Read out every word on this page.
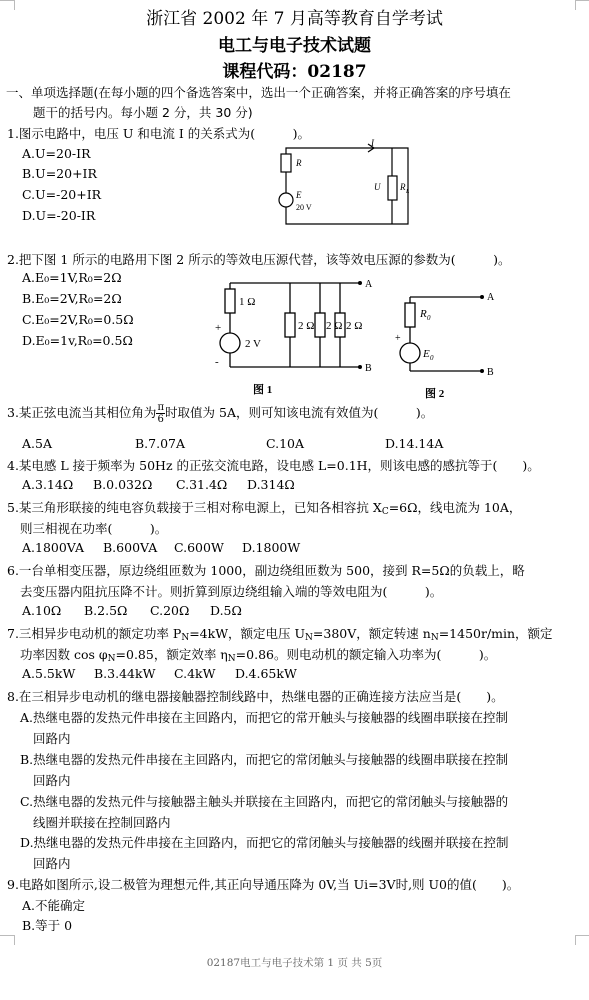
浙江省 2002 年 7 月高等教育自学考试
电工与电子技术试题
课程代码：02187
一、单项选择题(在每小题的四个备选答案中，选出一个正确答案，并将正确答案的序号填在
题干的括号内。每小题 2 分，共 30 分)
1.图示电路中，电压 U 和电流 I 的关系式为(　　　)。
A.U=20-IR
B.U=20+IR
C.U=-20+IR
D.U=-20-IR
I
R
E
20 V
U R L
2.把下图 1 所示的电路用下图 2 所示的等效电压源代替，该等效电压源的参数为(　　　)。
A.E₀=1V,R₀=2Ω
B.E₀=2V,R₀=2Ω
C.E₀=2V,R₀=0.5Ω
D.E₀=1v,R₀=0.5Ω
1 Ω
+
-
2 V
2 Ω 2 Ω 2 Ω
A
B
图 1
R 0
+
E 0
A
B
图 2
3.某正弦电流当其相位角为 $\frac{\pi}{6}$ 时取值为 5A，则可知该电流有效值为(　　　)。
A.5A	B.7.07A	C.10A	D.14.14A
4.某电感 L 接于频率为 50Hz 的正弦交流电路，设电感 L=0.1H，则该电感的感抗等于(　　)。
A.3.14Ω B.0.032Ω C.31.4Ω D.314Ω
5.某三角形联接的纯电容负载接于三相对称电源上，已知各相容抗 $X_C=6\Omega$，线电流为 10A，
则三相视在功率(　　　)。
A.1800VA B.600VA C.600W D.1800W
6.一台单相变压器，原边绕组匝数为 1000，副边绕组匝数为 500，接到 R=5Ω的负载上，略
去变压器内阻抗压降不计。则折算到原边绕组输入端的等效电阻为(　　　)。
A.10Ω B.2.5Ω C.20Ω D.5Ω
7.三相异步电动机的额定功率 $P_N=4kW$，额定电压 $U_N=380V$，额定转速 $n_N=1450r/\min$，额定
功率因数 $\cos \varphi_N=0.85$，额定效率 $\eta_N=0.86$。则电动机的额定输入功率为(　　　)。
A.5.5kW B.3.44kW C.4kW D.4.65kW
8.在三相异步电动机的继电器接触器控制线路中，热继电器的正确连接方法应当是(　　)。
A.热继电器的发热元件串接在主回路内，而把它的常开触头与接触器的线圈串联接在控制
回路内
B.热继电器的发热元件串接在主回路内，而把它的常闭触头与接触器的线圈串联接在控制
回路内
C.热继电器的发热元件与接触器主触头并联接在主回路内，而把它的常闭触头与接触器的
线圈并联接在控制回路内
D.热继电器的发热元件串接在主回路内，而把它的常闭触头与接触器的线圈并联接在控制
回路内
9.电路如图所示,设二极管为理想元件,其正向导通压降为 0V,当 Ui=3V时,则 U0的值(　　)。
A.不能确定
B.等于 0
02187电工与电子技术第 1 页 共 5页
